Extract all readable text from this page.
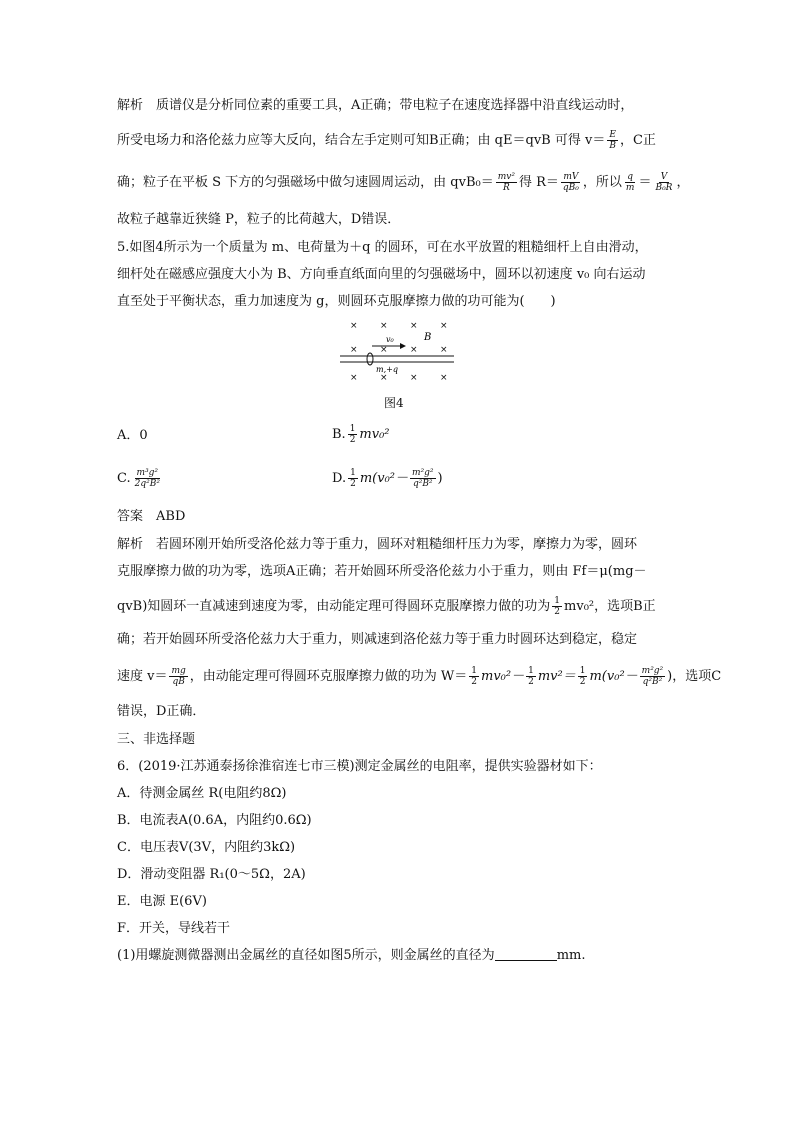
解析　质谱仪是分析同位素的重要工具，A正确；带电粒子在速度选择器中沿直线运动时，
所受电场力和洛伦兹力应等大反向，结合左手定则可知B正确；由 qE＝qvB 可得 $v= \frac{E}{B}$ ，C正
确；粒子在平板 S 下方的匀强磁场中做匀速圆周运动，由 $qvB_0= \frac{\text{mv²}}{R}$ 得 $R= \frac{mV}{\text{qB₀}}$ ，所以 $\frac{q}{m} = \frac{V}{\text{B₀R}}$ ，
故粒子越靠近狭缝 P，粒子的比荷越大，D错误．
5.如图4所示为一个质量为 m、电荷量为＋q 的圆环，可在水平放置的粗糙细杆上自由滑动，
细杆处在磁感应强度大小为 B、方向垂直纸面向里的匀强磁场中，圆环以初速度 v₀ 向右运动
直至处于平衡状态，重力加速度为 g，则圆环克服摩擦力做的功可能为(　　)
× × × ×
× × × ×
× × × ×
v₀	B
m,+q
图4
A．0	B. $\frac{1}{2} mv_0^2$
C. $\frac{\text{m³g²}}{\text{2q²B²}}$	D. $\frac{1}{2} m(v_0^2- \frac{\text{m²g²}}{\text{q²B²}}$ )
答案　ABD
解析　若圆环刚开始所受洛伦兹力等于重力，圆环对粗糙细杆压力为零，摩擦力为零，圆环
克服摩擦力做的功为零，选项A正确；若开始圆环所受洛伦兹力小于重力，则由 Ff＝μ(mg－
qvB)知圆环一直减速到速度为零，由动能定理可得圆环克服摩擦力做的功为 $\frac{1}{2} mv_0^2$，选项B正
确；若开始圆环所受洛伦兹力大于重力，则减速到洛伦兹力等于重力时圆环达到稳定，稳定
速度 $v= \frac{mg}{qB}$ ，由动能定理可得圆环克服摩擦力做的功为 $W= \frac{1}{2} mv_0^2- \frac{1}{2} mv^2= \frac{1}{2} m(v_0^2- \frac{\text{m²g²}}{\text{q²B²}}$ )，选项C
错误，D正确．
三、非选择题
6．(2019·江苏通泰扬徐淮宿连七市三模)测定金属丝的电阻率，提供实验器材如下：
A．待测金属丝 R(电阻约8Ω)
B．电流表A(0.6A，内阻约0.6Ω)
C．电压表V(3V，内阻约3kΩ)
D．滑动变阻器 R₁(0～5Ω，2A)
E．电源 E(6V)
F．开关，导线若干
(1)用螺旋测微器测出金属丝的直径如图5所示，则金属丝的直径为	mm.
